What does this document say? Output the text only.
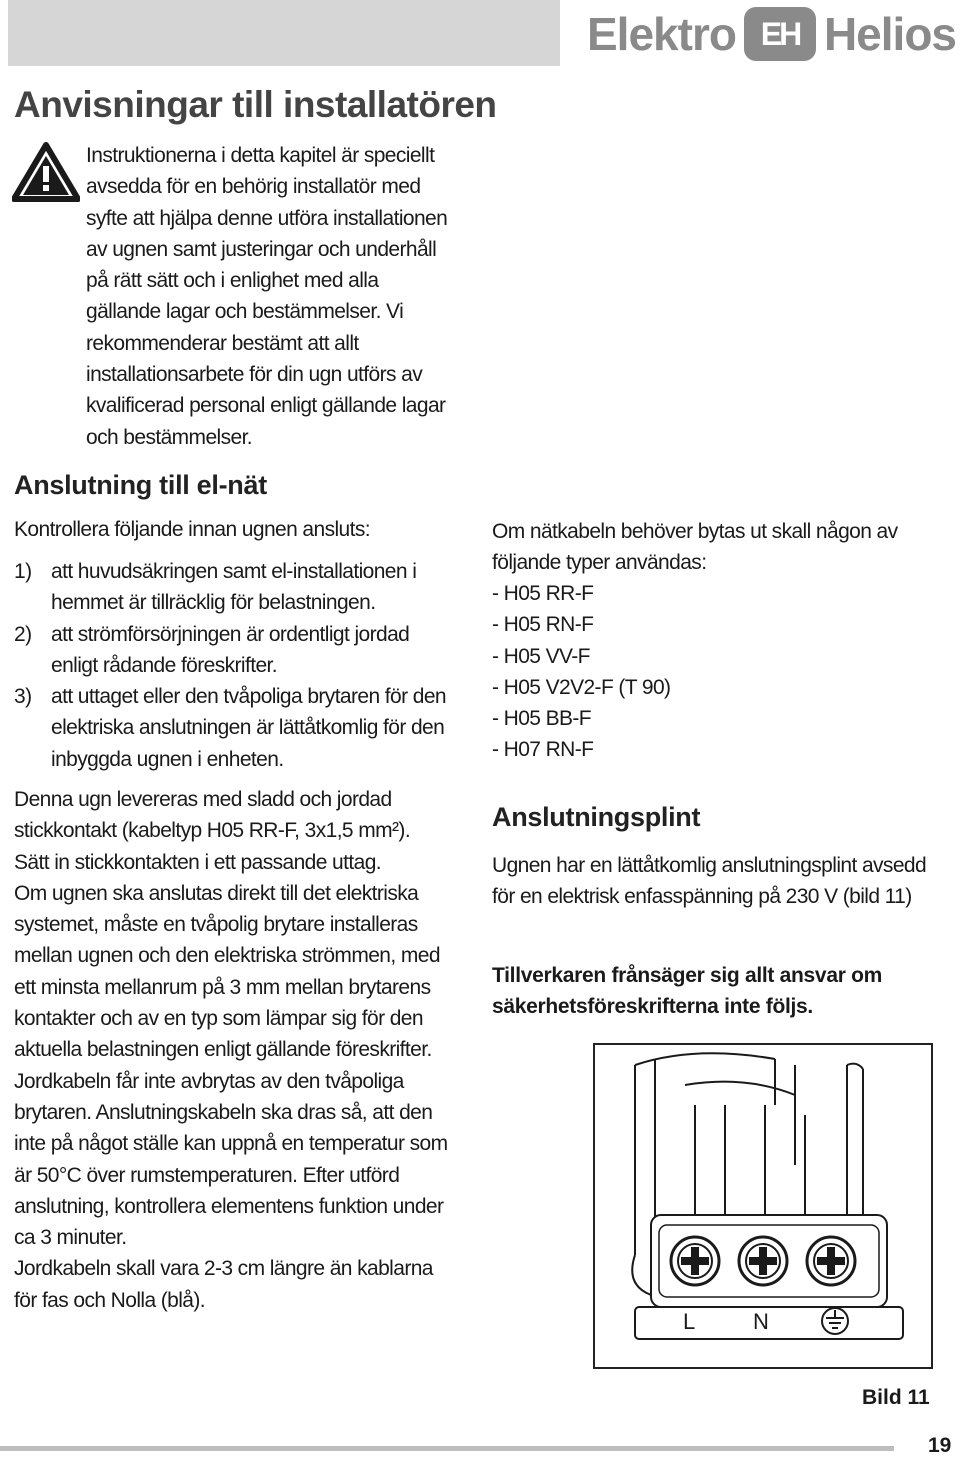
Elektro EH Helios
Anvisningar till installatören

Instruktionerna i detta kapitel är speciellt avsedda för en behörig installatör med syfte att hjälpa denne utföra installationen av ugnen samt justeringar och underhåll på rätt sätt och i enlighet med alla gällande lagar och bestämmelser. Vi rekommenderar bestämt att allt installationsarbete för din ugn utförs av kvalificerad personal enligt gällande lagar och bestämmelser.

Anslutning till el-nät

Kontrollera följande innan ugnen ansluts:

1) att huvudsäkringen samt el-installationen i hemmet är tillräcklig för belastningen.
2) att strömförsörjningen är ordentligt jordad enligt rådande föreskrifter.
3) att uttaget eller den tvåpoliga brytaren för den elektriska anslutningen är lättåtkomlig för den inbyggda ugnen i enheten.

Denna ugn levereras med sladd och jordad stickkontakt (kabeltyp H05 RR-F, 3x1,5 mm²).

Sätt in stickkontakten i ett passande uttag.

Om ugnen ska anslutas direkt till det elektriska systemet, måste en tvåpolig brytare installeras mellan ugnen och den elektriska strömmen, med ett minsta mellanrum på 3 mm mellan brytarens kontakter och av en typ som lämpar sig för den aktuella belastningen enligt gällande föreskrifter.

Jordkabeln får inte avbrytas av den tvåpoliga brytaren. Anslutningskabeln ska dras så, att den inte på något ställe kan uppnå en temperatur som är 50°C över rumstemperaturen. Efter utförd anslutning, kontrollera elementens funktion under ca 3 minuter.

Jordkabeln skall vara 2-3 cm längre än kablarna för fas och Nolla (blå).

Om nätkabeln behöver bytas ut skall någon av följande typer användas:

- H05 RR-F
- H05 RN-F
- H05 VV-F
- H05 V2V2-F (T 90)
- H05 BB-F
- H07 RN-F
Anslutningsplint

Ugnen har en lättåtkomlig anslutningsplint avsedd för en elektrisk enfasspänning på 230 V (bild 11)

Tillverkaren frånsäger sig allt ansvar om säkerhetsföreskrifterna inte följs.

L	N
Bild 11
19
